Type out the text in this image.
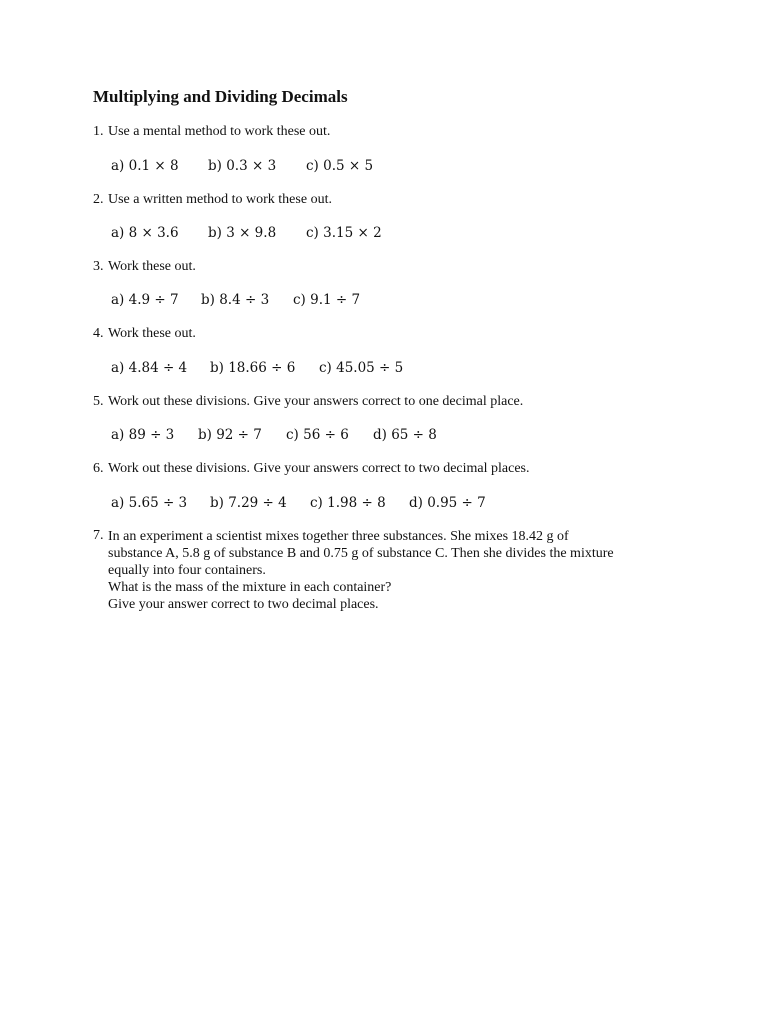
Multiplying and Dividing Decimals
1. Use a mental method to work these out.
a) 0.1 × 8 b) 0.3 × 3 c) 0.5 × 5
2. Use a written method to work these out.
a) 8 × 3.6 b) 3 × 9.8 c) 3.15 × 2
3. Work these out.
a) 4.9 ÷ 7 b) 8.4 ÷ 3 c) 9.1 ÷ 7
4. Work these out.
a) 4.84 ÷ 4 b) 18.66 ÷ 6 c) 45.05 ÷ 5
5. Work out these divisions. Give your answers correct to one decimal place.
a) 89 ÷ 3 b) 92 ÷ 7 c) 56 ÷ 6 d) 65 ÷ 8
6. Work out these divisions. Give your answers correct to two decimal places.
a) 5.65 ÷ 3 b) 7.29 ÷ 4 c) 1.98 ÷ 8 d) 0.95 ÷ 7
7. In an experiment a scientist mixes together three substances. She mixes 18.42 g of
substance A, 5.8 g of substance B and 0.75 g of substance C. Then she divides the mixture
equally into four containers.
What is the mass of the mixture in each container?
Give your answer correct to two decimal places.
